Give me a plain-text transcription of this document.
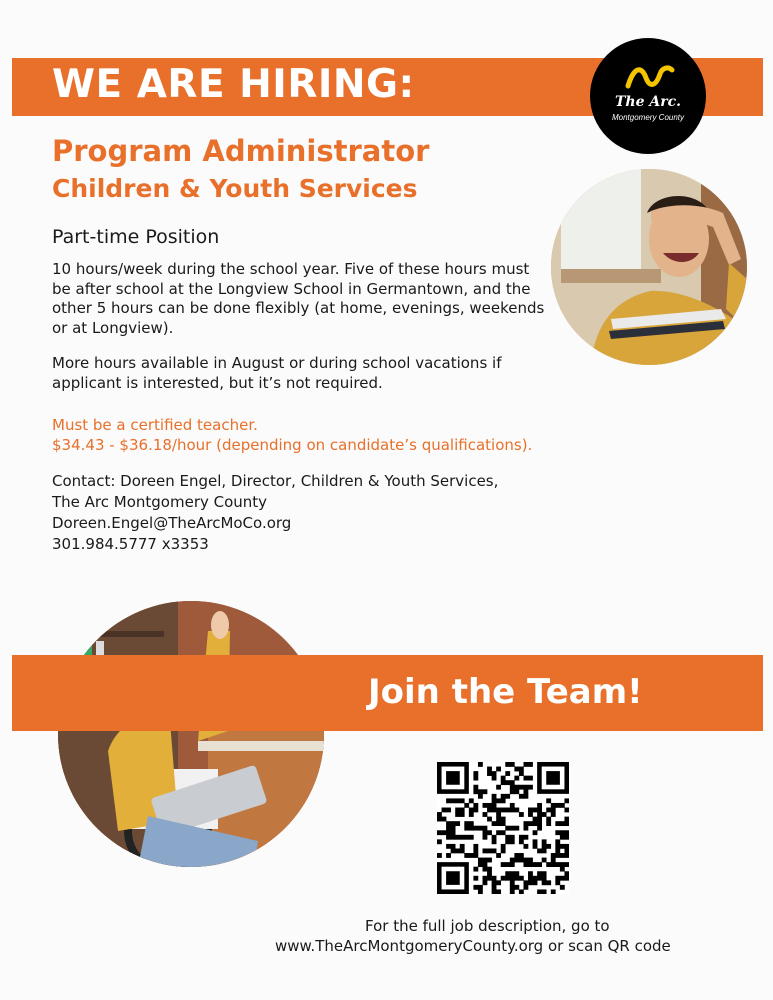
WE ARE HIRING:	The Arc.
Montgomery County
Program Administrator
Children & Youth Services

Part-time Position

10 hours/week during the school year. Five of these hours must be after school at the Longview School in Germantown, and the other 5 hours can be done flexibly (at home, evenings, weekends or at Longview).

More hours available in August or during school vacations if applicant is interested, but it’s not required.

Must be a certified teacher.
$34.43 - $36.18/hour (depending on candidate’s qualifications).
Contact: Doreen Engel, Director, Children & Youth Services,
The Arc Montgomery County
Doreen.Engel@TheArcMoCo.org
301.984.5777 x3353
Join the Team!

For the full job description, go to

www.TheArcMontgomeryCounty.org or scan QR code
